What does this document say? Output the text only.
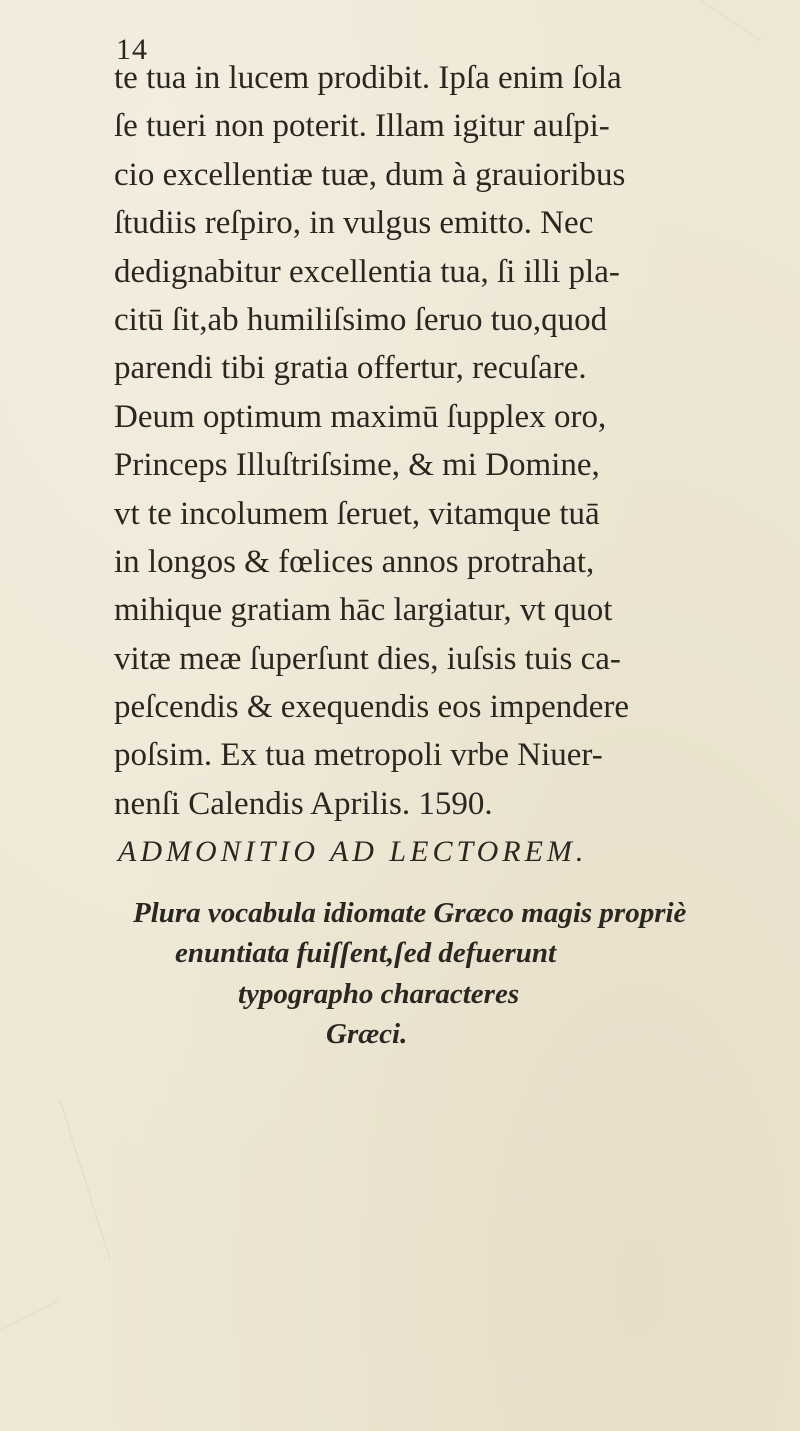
14
te tua in lucem prodibit. Ipſa enim ſola
ſe tueri non poterit. Illam igitur auſpi-
cio excellentiæ tuæ, dum à grauioribus
ſtudiis reſpiro, in vulgus emitto. Nec
dedignabitur excellentia tua, ſi illi pla-
citū ſit,ab humiliſsimo ſeruo tuo,quod
parendi tibi gratia offertur, recuſare.
Deum optimum maximū ſupplex oro,
Princeps Illuſtriſsime, & mi Domine,
vt te incolumem ſeruet, vitamque tuā
in longos & fœlices annos protrahat,
mihique gratiam hāc largiatur, vt quot
vitæ meæ ſuperſunt dies, iuſsis tuis ca-
peſcendis & exequendis eos impendere
poſsim. Ex tua metropoli vrbe Niuer-
nenſi Calendis Aprilis. 1590.
ADMONITIO AD LECTOREM.
Plura vocabula idiomate Græco magis propriè
enuntiata fuiſſent,ſed defuerunt
typographo characteres
Græci.
